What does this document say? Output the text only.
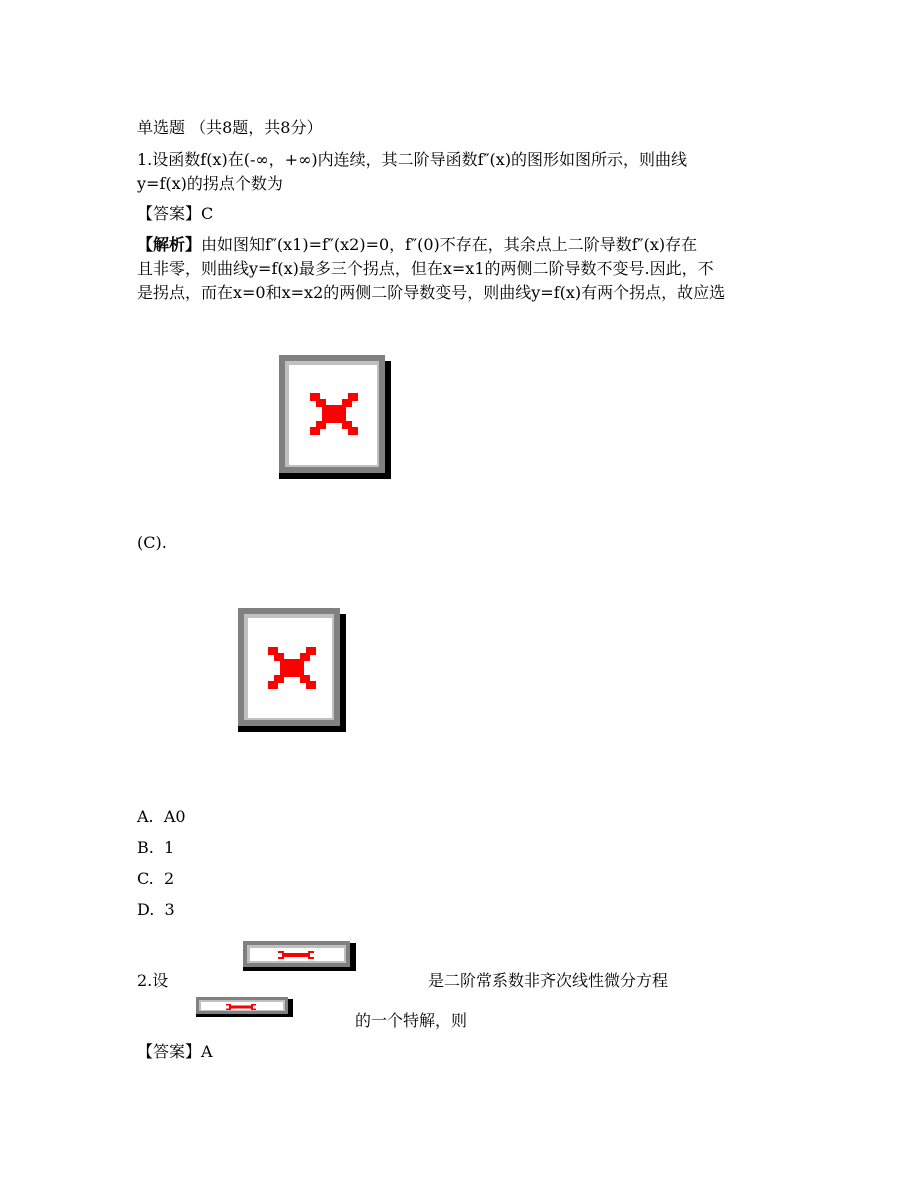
单选题 （共8题，共8分）
1.设函数f(x)在(-∞，+∞)内连续，其二阶导函数f″(x)的图形如图所示，则曲线
y=f(x)的拐点个数为
【答案】C
【解析】由如图知f″(x1)=f″(x2)=0，f″(0)不存在，其余点上二阶导数f″(x)存在
且非零，则曲线y=f(x)最多三个拐点，但在x=x1的两侧二阶导数不变号.因此，不
是拐点，而在x=0和x=x2的两侧二阶导数变号，则曲线y=f(x)有两个拐点，故应选
(C).
A. A0
B. 1
C. 2
D. 3
2.设	是二阶常系数非齐次线性微分方程
的一个特解，则
【答案】A
